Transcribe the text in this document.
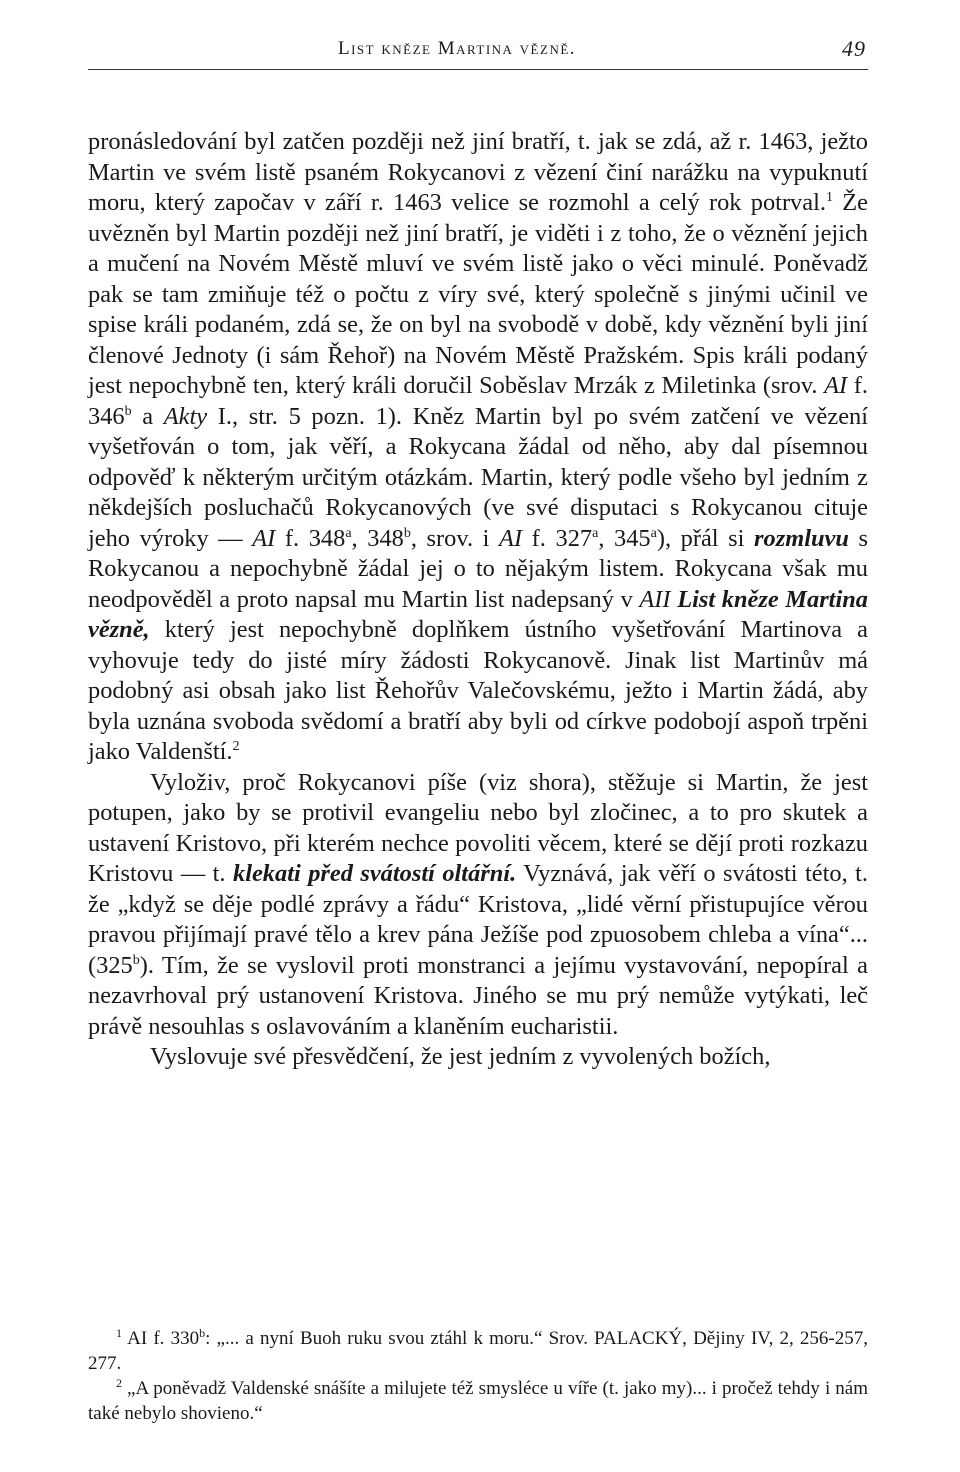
List kněze Martina vězně.	49

pronásledování byl zatčen později než jiní bratří, t. jak se zdá, až r. 1463, ježto Martin ve svém listě psaném Rokycanovi z vězení činí narážku na vypuknutí moru, který započav v září r. 1463 velice se rozmohl a celý rok potrval.$^1$ Že uvězněn byl Martin později než jiní bratří, je viděti i z toho, že o věznění jejich a mučení na Novém Městě mluví ve svém listě jako o věci minulé. Poněvadž pak se tam zmiňuje též o počtu z víry své, který společně s jinými učinil ve spise králi podaném, zdá se, že on byl na svobodě v době, kdy věznění byli jiní členové Jednoty (i sám Řehoř) na Novém Městě Pražském. Spis králi podaný jest nepochybně ten, který králi doručil Soběslav Mrzák z Miletinka (srov. AI f. 346$^b$ a Akty I., str. 5 pozn. 1). Kněz Martin byl po svém zatčení ve vězení vyšetřován o tom, jak věří, a Rokycana žádal od něho, aby dal písemnou odpověď k některým určitým otázkám. Martin, který podle všeho byl jedním z někdejších posluchačů Rokycanových (ve své disputaci s Rokycanou cituje jeho výroky — AI f. 348$^a$, 348$^b$, srov. i AI f. 327$^a$, 345$^a$), přál si rozmluvu s Rokycanou a nepochybně žádal jej o to nějakým listem. Rokycana však mu neodpověděl a proto napsal mu Martin list nadepsaný v AII List kněze Martina vězně, který jest nepochybně doplňkem ústního vyšetřování Martinova a vyhovuje tedy do jisté míry žádosti Rokycanově. Jinak list Martinův má podobný asi obsah jako list Řehořův Valečovskému, ježto i Martin žádá, aby byla uznána svoboda svědomí a bratří aby byli od církve podobojí aspoň trpěni jako Valdenští.$^2$

Vyloživ, proč Rokycanovi píše (viz shora), stěžuje si Martin, že jest potupen, jako by se protivil evangeliu nebo byl zločinec, a to pro skutek a ustavení Kristovo, při kterém nechce povoliti věcem, které se dějí proti rozkazu Kristovu — t. klekati před svátostí oltářní. Vyznává, jak věří o svátosti této, t. že „když se děje podlé zprávy a řádu“ Kristova, „lidé věrní přistupujíce věrou pravou přijímají pravé tělo a krev pána Ježíše pod zpuosobem chleba a vína“... (325$^b$). Tím, že se vyslovil proti monstranci a jejímu vystavování, nepopíral a nezavrhoval prý ustanovení Kristova. Jiného se mu prý nemůže vytýkati, leč právě nesouhlas s oslavováním a klaněním eucharistii.

Vyslovuje své přesvědčení, že jest jedním z vyvolených božích,

$^1$ AI f. 330$^b$: „... a nyní Buoh ruku svou ztáhl k moru.“ Srov. PALACKÝ, Dějiny IV, 2, 256-257, 277.

$^2$ „A poněvadž Valdenské snášíte a milujete též smysléce u víře (t. jako my)... i pročež tehdy i nám také nebylo shovieno.“
